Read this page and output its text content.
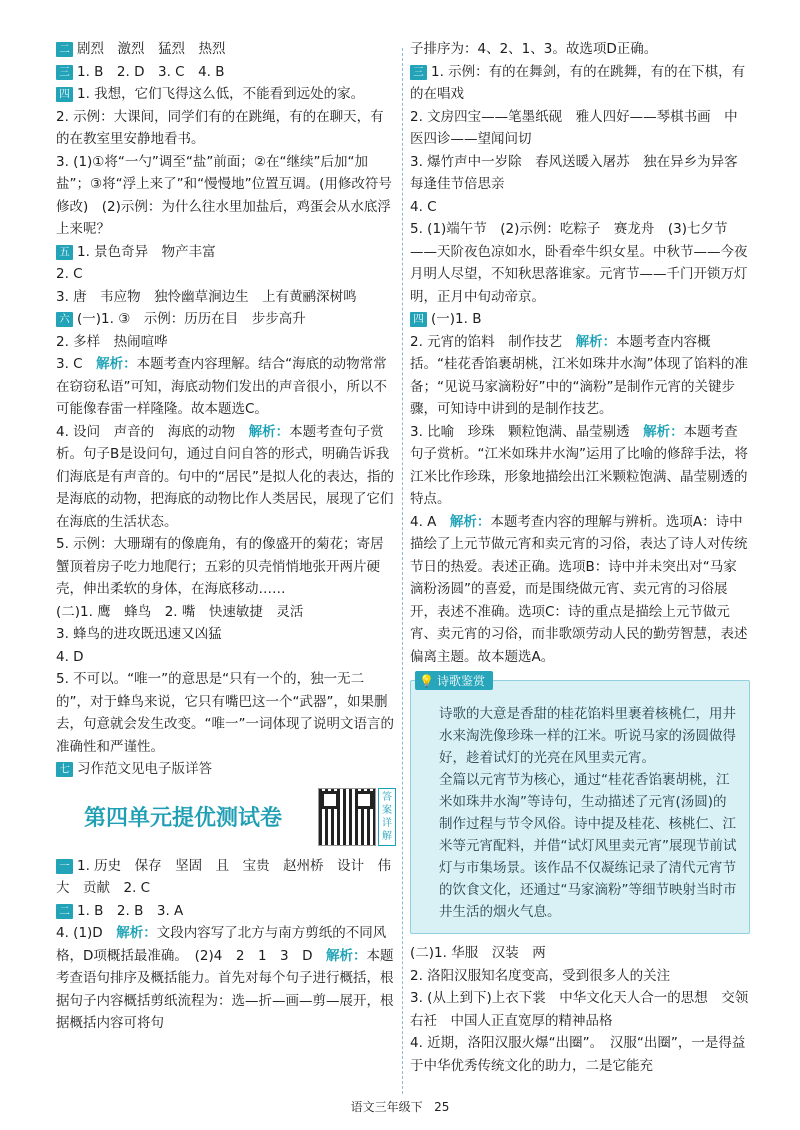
二 剧烈　激烈　猛烈　热烈

三 1. B　2. D　3. C　4. B

四 1. 我想，它们飞得这么低，不能看到远处的家。

2. 示例：大课间，同学们有的在跳绳，有的在聊天，有的在教室里安静地看书。

3. (1)①将“一勺”调至“盐”前面；②在“继续”后加“加盐”；③将“浮上来了”和“慢慢地”位置互调。(用修改符号修改)　(2)示例：为什么往水里加盐后，鸡蛋会从水底浮上来呢？

五 1. 景色奇异　物产丰富

2. C

3. 唐　韦应物　独怜幽草涧边生　上有黄鹂深树鸣

六 (一)1. ③　示例：历历在目　步步高升

2. 多样　热闹喧哗

3. C　解析：本题考查内容理解。结合“海底的动物常常在窃窃私语”可知，海底动物们发出的声音很小，所以不可能像春雷一样隆隆。故本题选C。

4. 设问　声音的　海底的动物　解析：本题考查句子赏析。句子B是设问句，通过自问自答的形式，明确告诉我们海底是有声音的。句中的“居民”是拟人化的表达，指的是海底的动物，把海底的动物比作人类居民，展现了它们在海底的生活状态。

5. 示例：大珊瑚有的像鹿角，有的像盛开的菊花；寄居蟹顶着房子吃力地爬行；五彩的贝壳悄悄地张开两片硬壳，伸出柔软的身体，在海底移动……

(二)1. 鹰　蜂鸟　2. 嘴　快速敏捷　灵活

3. 蜂鸟的进攻既迅速又凶猛

4. D

5. 不可以。“唯一”的意思是“只有一个的，独一无二的”，对于蜂鸟来说，它只有嘴巴这一个“武器”，如果删去，句意就会发生改变。“唯一”一词体现了说明文语言的准确性和严谨性。

七 习作范文见电子版详答

第四单元提优测试卷
答案详解

一 1. 历史　保存　坚固　且　宝贵　赵州桥　设计　伟大　贡献　2. C

二 1. B　2. B　3. A

4. (1)D　解析：文段内容写了北方与南方剪纸的不同风格，D项概括最准确。　(2)4　2　1　3　D　解析：本题考查语句排序及概括能力。首先对每个句子进行概括，根据句子内容概括剪纸流程为：选—折—画—剪—展开，根据概括内容可将句

子排序为：4、2、1、3。故选项D正确。

三 1. 示例：有的在舞剑，有的在跳舞，有的在下棋，有的在唱戏

2. 文房四宝——笔墨纸砚　雅人四好——琴棋书画　中医四诊——望闻问切

3. 爆竹声中一岁除　春风送暖入屠苏　独在异乡为异客　每逢佳节倍思亲

4. C

5. (1)端午节　(2)示例：吃粽子　赛龙舟　(3)七夕节——天阶夜色凉如水，卧看牵牛织女星。中秋节——今夜月明人尽望，不知秋思落谁家。元宵节——千门开锁万灯明，正月中旬动帝京。

四 (一)1. B

2. 元宵的馅料　制作技艺　解析：本题考查内容概括。“桂花香馅裹胡桃，江米如珠井水淘”体现了馅料的准备；“见说马家滴粉好”中的“滴粉”是制作元宵的关键步骤，可知诗中讲到的是制作技艺。

3. 比喻　珍珠　颗粒饱满、晶莹剔透　解析：本题考查句子赏析。“江米如珠井水淘”运用了比喻的修辞手法，将江米比作珍珠，形象地描绘出江米颗粒饱满、晶莹剔透的特点。

4. A　解析：本题考查内容的理解与辨析。选项A：诗中描绘了上元节做元宵和卖元宵的习俗，表达了诗人对传统节日的热爱。表述正确。选项B：诗中并未突出对“马家滴粉汤圆”的喜爱，而是围绕做元宵、卖元宵的习俗展开，表述不准确。选项C：诗的重点是描绘上元节做元宵、卖元宵的习俗，而非歌颂劳动人民的勤劳智慧，表述偏离主题。故本题选A。

💡 诗歌鉴赏

诗歌的大意是香甜的桂花馅料里裹着核桃仁，用井水来淘洗像珍珠一样的江米。听说马家的汤圆做得好，趁着试灯的光亮在风里卖元宵。

全篇以元宵节为核心，通过“桂花香馅裹胡桃，江米如珠井水淘”等诗句，生动描述了元宵(汤圆)的制作过程与节令风俗。诗中提及桂花、核桃仁、江米等元宵配料，并借“试灯风里卖元宵”展现节前试灯与市集场景。该作品不仅凝练记录了清代元宵节的饮食文化，还通过“马家滴粉”等细节映射当时市井生活的烟火气息。

(二)1. 华服　汉装　两

2. 洛阳汉服知名度变高，受到很多人的关注

3. (从上到下)上衣下裳　中华文化天人合一的思想　交领右衽　中国人正直宽厚的精神品格

4. 近期，洛阳汉服火爆“出圈”。　汉服“出圈”，一是得益于中华优秀传统文化的助力，二是它能充

语文三年级下 25
